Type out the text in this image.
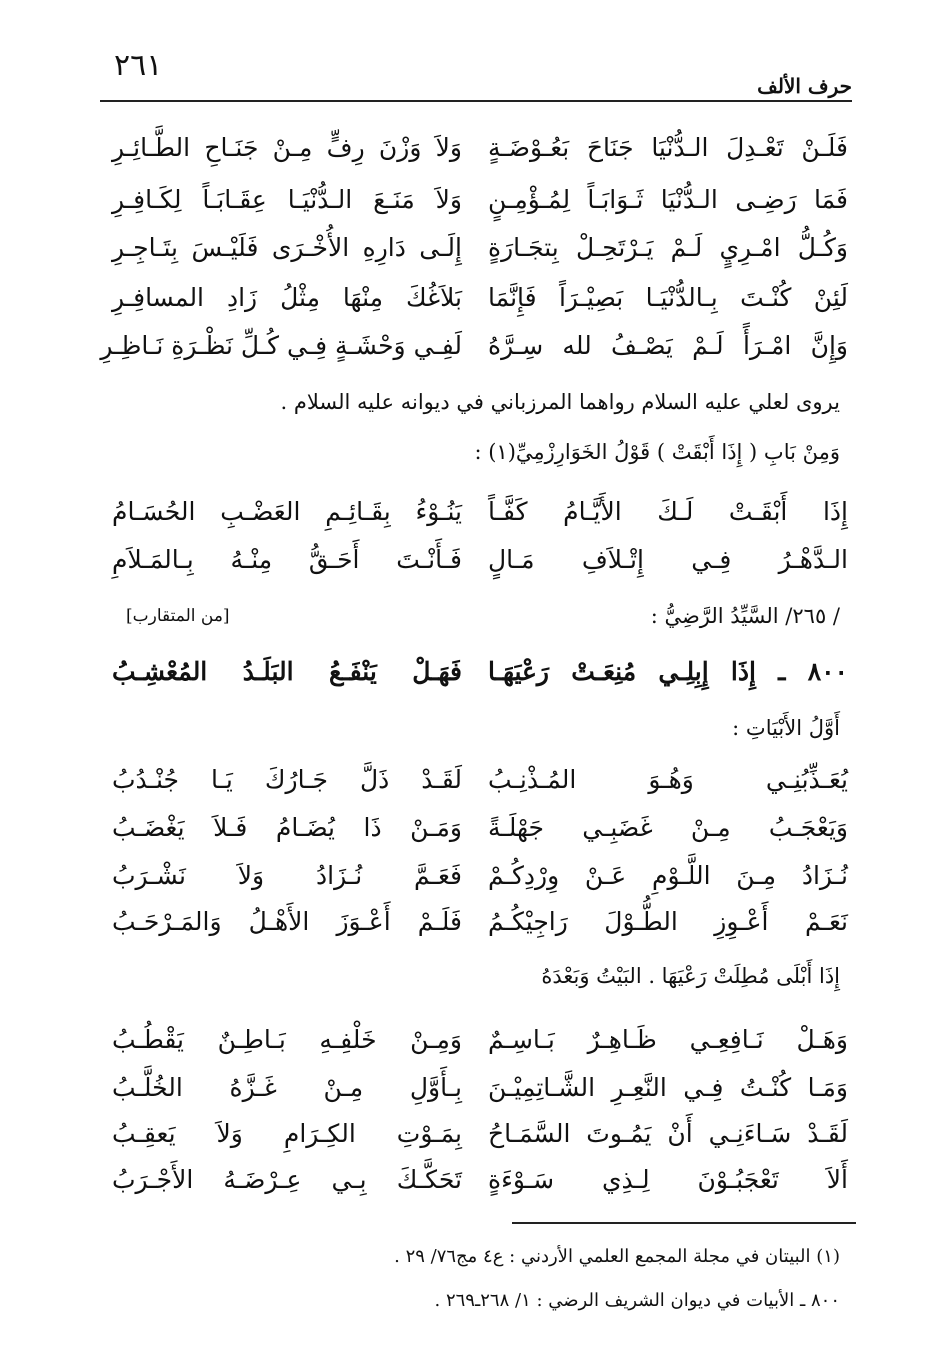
٢٦١
حرف الألف
فَلَـنْ تَعْـدِلَ الـدُّنْيَا جَنَاحَ بَعُـوْضَـةٍ
وَلاَ وَزْنَ رِفٍّ مِـنْ جَنَـاحِ الطَّـائِـرِ
فَمَا رَضِـى الـدُّنْيَا ثَـوَابَـاً لِمُـؤْمِـنٍ
وَلاَ مَنَـعَ الـدُّنْيَـا عِقَـابَـاً لِكَـافِـرِ
وَكُـلُّ امْـرِيٍ لَـمْ يَـرْتَحِـلْ بِتجَـارَةٍ
إِلَـى دَارِهِ الأُخْـرَى فَلَيْـسَ بِتَـاجِـرِ
لَئِنْ كُنْـتَ بِـالدُّنْيَـا بَصِيْـرَاً فَإِنَّمَا
بَلاَغُكَ مِنْهَا مِثْلُ زَادِ المسافِـرِ
وَإِنَّ امْـرَأً لَـمْ يَصْـفُ لله سِـرَّهُ
لَفِـي وَحْشَـةٍ فِـي كُـلِّ نَظْـرَةِ نَـاظِـرِ
يروى لعلي عليه السلام رواهما المرزباني في ديوانه عليه السلام .
وَمِنْ بَابِ ( إِذَا أَبْقَتْ ) قَوْلُ الخَوَارِزْمِيِّ(١) :
إِذَا أَبْقَـتْ لَـكَ الأَيَّـامُ كَفَّـاً
يَنُـوْءُ بِقَـائِـمِ العَضْـبِ الحُسَـامُ
الـدَّهْـرُ فِـي إِتْـلاَفِ مَـالٍ
فَـأَنْـتَ أَحَـقُّ مِنْـهُ بِـالمَـلاَمِ
/ ٢٦٥/ السَّيِّدُ الرَّضِيُّ :
[من المتقارب]
٨٠٠ ـ إِذَا إِبِلِـي مُنِعَـتْ رَعْيَهَـا
فَهَـلْ يَنْفَـعُ البَلَـدُ المُعْشِـبُ
أَوَّلُ الأَبْيَاتِ :
يُعَـذِّبُنِـي وَهُـوَ المُـذْنِـبُ
لَقَـدْ ذَلَّ جَـارُكَ يَـا جُنْـدُبُ
وَيَعْجَـبُ مِـنْ غَضَبِـي جَهْلَـةً
وَمَـنْ ذَا يُضَـامُ فَـلاَ يَغْضَـبُ
نُـزَادُ مِـنَ اللَّـوْمِ عَـنْ وِرْدِكُـمْ
فَعَـمَّ نُـزَادُ وَلاَ نَشْـرَبُ
نَعَـمْ أَعْـوِزِ الطُّـوْلَ رَاجِيْكُـمُ
فَلَـمْ أَعْـوَزَ الأَهْـلُ وَالمَـرْحَـبُ
إِذَا أَبْلَى مُطِلَتْ رَعْيَهَا . البَيْتُ وَبَعْدَهُ
وَهَـلْ نَـافِعِـي ظَـاهِـرٌ بَـاسِـمٌ
وَمِـنْ خَلْفِـهِ بَـاطِـنٌ يَقْطُـبُ
وَمَـا كُنْـتُ فِـي النَّعِـرِ الشَّـاتِمِيْـنَ
بِـأَوَّلِ مِـنْ غَـزَّهُ الخُلَّـبُ
لَقَـدْ سَـاءَنِـي أَنْ يَمُـوتَ السَّمَـاحُ
بِمَـوْتِ الكِـرَامِ وَلاَ يَعقِـبُ
أَلاَ تَعْجَبُـوْنَ لِـذِي سَـوْءَةٍ
تَحَكَّـكَ بِـي عِـرْضَـهُ الأَجْـرَبُ
(١) البيتان في مجلة المجمع العلمي الأردني : ع٤ مج٧٦/ ٢٩ .
٨٠٠ ـ الأبيات في ديوان الشريف الرضي : ١/ ٢٦٨ـ٢٦٩ .
